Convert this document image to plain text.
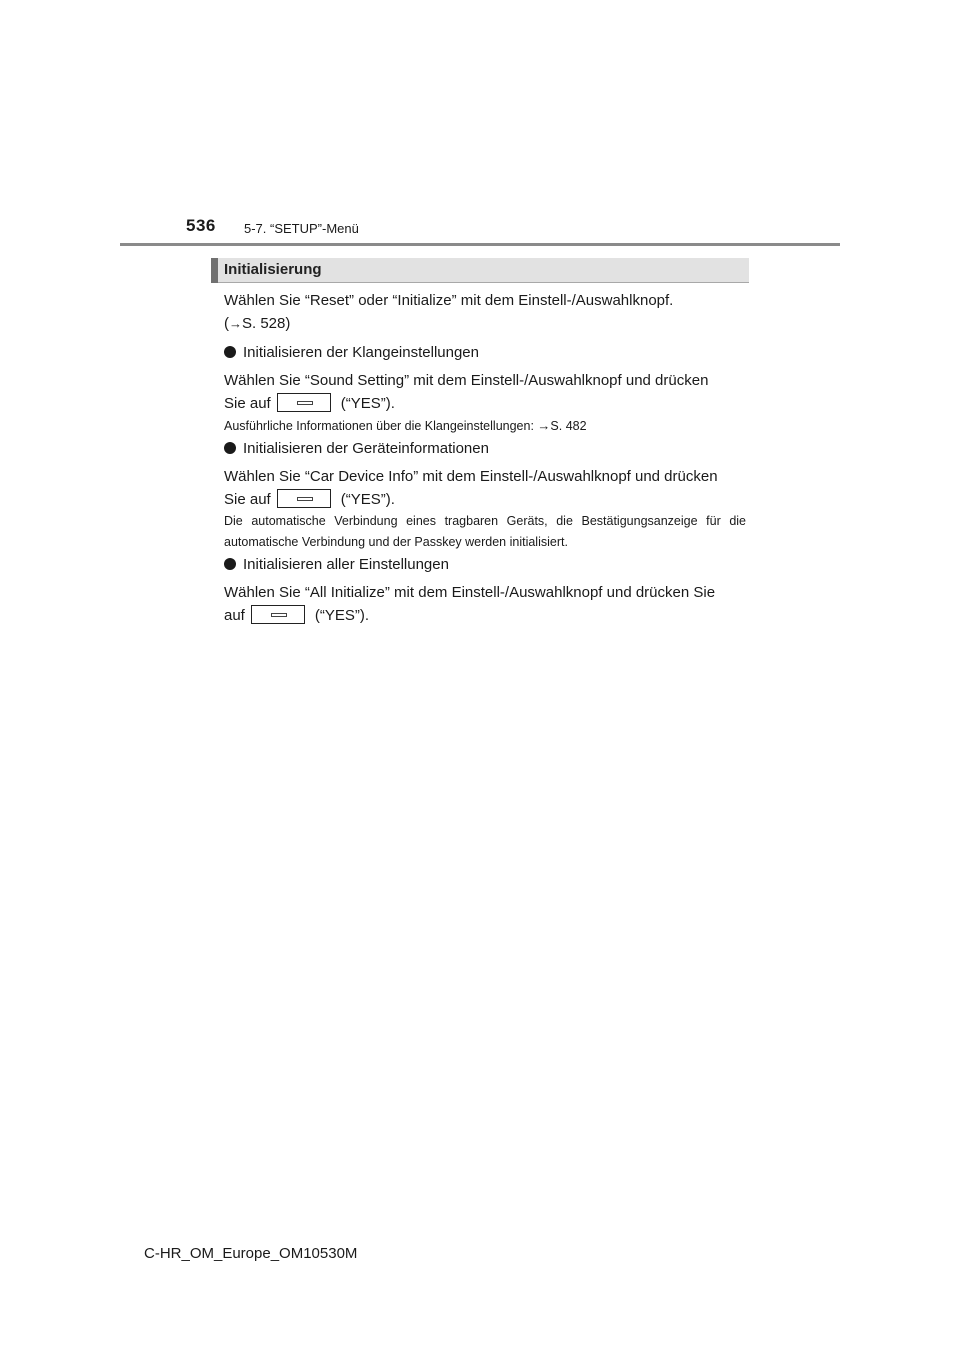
536 5-7. “SETUP”-Menü
Initialisierung

Wählen Sie “Reset” oder “Initialize” mit dem Einstell-/Auswahlknopf.
(→S. 528)

Initialisieren der Klangeinstellungen

Wählen Sie “Sound Setting” mit dem Einstell-/Auswahlknopf und drücken
Sie auf	(“YES”).

Ausführliche Informationen über die Klangeinstellungen: →S. 482

Initialisieren der Geräteinformationen

Wählen Sie “Car Device Info” mit dem Einstell-/Auswahlknopf und drücken
Sie auf	(“YES”).

Die automatische Verbindung eines tragbaren Geräts, die Bestätigungsanzeige für die automatische Verbindung und der Passkey werden initialisiert.

Initialisieren aller Einstellungen

Wählen Sie “All Initialize” mit dem Einstell-/Auswahlknopf und drücken Sie
auf	(“YES”).

C-HR_OM_Europe_OM10530M
